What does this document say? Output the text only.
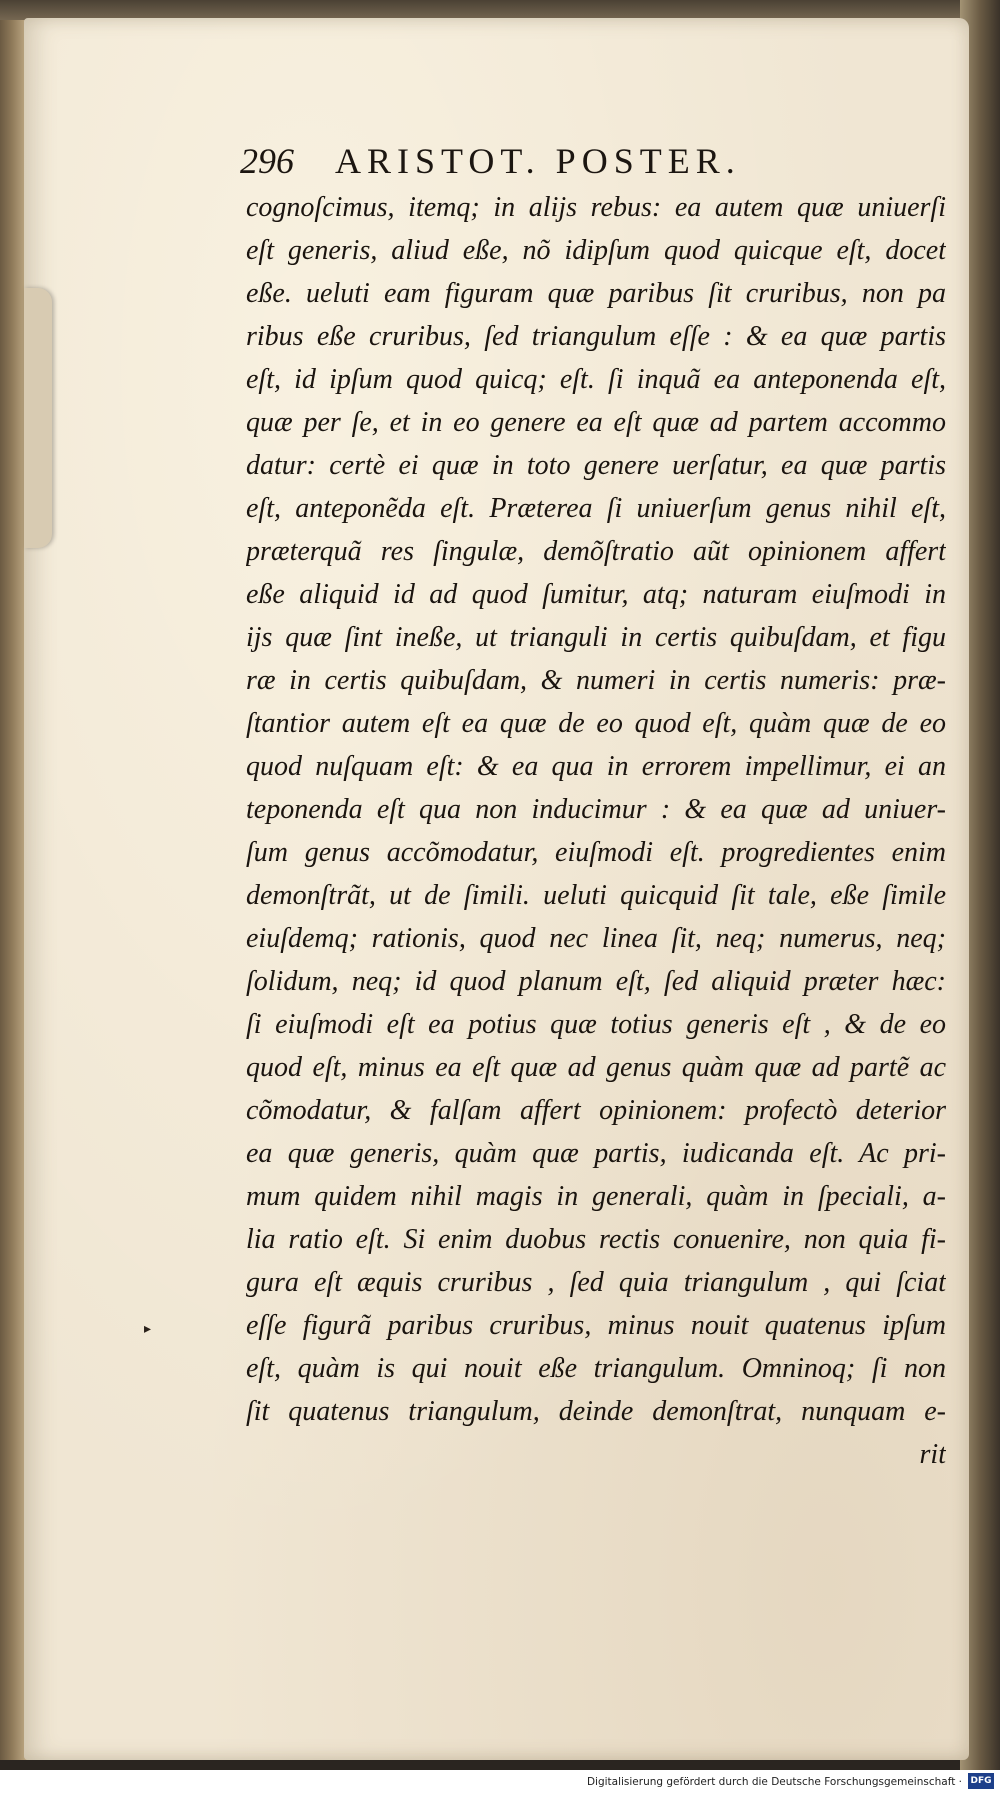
296 ARISTOT. POSTER.
cognoſcimus, itemq; in alijs rebus: ea autem quæ uniuerſi
eſt generis, aliud eße, nõ idipſum quod quicque eſt, docet
eße. ueluti eam figuram quæ paribus ſit cruribus, non pa
ribus eße cruribus, ſed triangulum eſſe : & ea quæ partis
eſt, id ipſum quod quicq; eſt. ſi inquã ea anteponenda eſt,
quæ per ſe, et in eo genere ea eſt quæ ad partem accommo
datur: certè ei quæ in toto genere uerſatur, ea quæ partis
eſt, anteponẽda eſt. Præterea ſi uniuerſum genus nihil eſt,
præterquã res ſingulæ, demõſtratio aũt opinionem affert
eße aliquid id ad quod ſumitur, atq; naturam eiuſmodi in
ijs quæ ſint ineße, ut trianguli in certis quibuſdam, et figu
ræ in certis quibuſdam, & numeri in certis numeris: præ-
ſtantior autem eſt ea quæ de eo quod eſt, quàm quæ de eo
quod nuſquam eſt: & ea qua in errorem impellimur, ei an
teponenda eſt qua non inducimur : & ea quæ ad uniuer-
ſum genus accõmodatur, eiuſmodi eſt. progredientes enim
demonſtrãt, ut de ſimili. ueluti quicquid ſit tale, eße ſimile
eiuſdemq; rationis, quod nec linea ſit, neq; numerus, neq;
ſolidum, neq; id quod planum eſt, ſed aliquid præter hæc:
ſi eiuſmodi eſt ea potius quæ totius generis eſt , & de eo
quod eſt, minus ea eſt quæ ad genus quàm quæ ad partẽ ac
cõmodatur, & falſam affert opinionem: profectò deterior
ea quæ generis, quàm quæ partis, iudicanda eſt. Ac pri-
mum quidem nihil magis in generali, quàm in ſpeciali, a-
lia ratio eſt. Si enim duobus rectis conuenire, non quia fi-
gura eſt æquis cruribus , ſed quia triangulum , qui ſciat
eſſe figurã paribus cruribus, minus nouit quatenus ipſum
eſt, quàm is qui nouit eße triangulum. Omninoq; ſi non
ſit quatenus triangulum, deinde demonſtrat, nunquam e-
rit
▸
Digitalisierung gefördert durch die Deutsche Forschungsgemeinschaft · DFG
